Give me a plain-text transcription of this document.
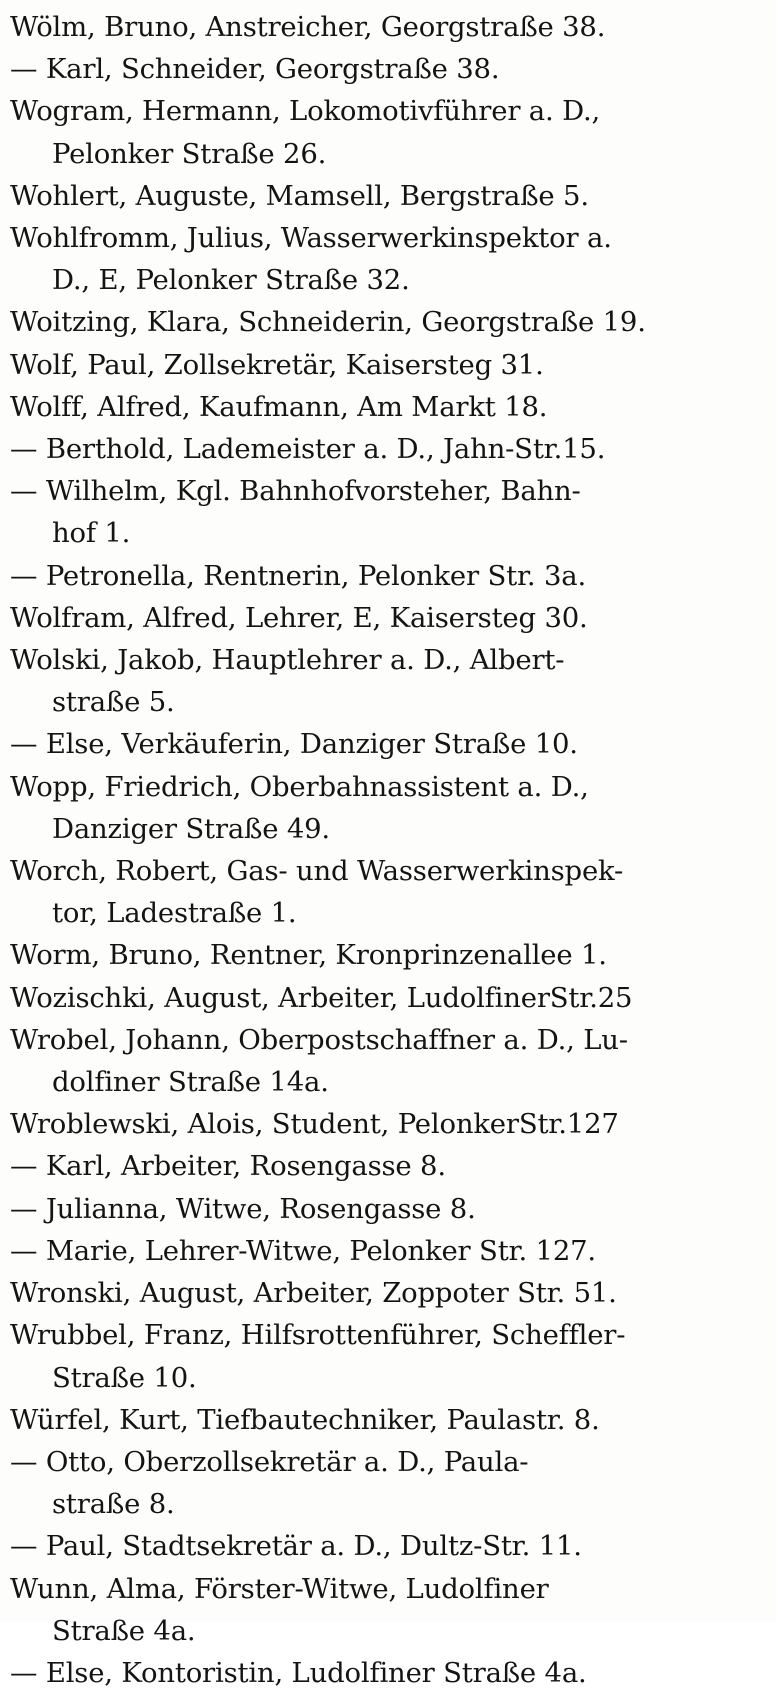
Wölm, Bruno, Anstreicher, Georgstraße 38.
— Karl, Schneider, Georgstraße 38.
Wogram, Hermann, Lokomotivführer a. D.,
Pelonker Straße 26.
Wohlert, Auguste, Mamsell, Bergstraße 5.
Wohlfromm, Julius, Wasserwerkinspektor a.
D., E, Pelonker Straße 32.
Woitzing, Klara, Schneiderin, Georgstraße 19.
Wolf, Paul, Zollsekretär, Kaisersteg 31.
Wolff, Alfred, Kaufmann, Am Markt 18.
— Berthold, Lademeister a. D., Jahn-Str.15.
— Wilhelm, Kgl. Bahnhofvorsteher, Bahn-
hof 1.
— Petronella, Rentnerin, Pelonker Str. 3a.
Wolfram, Alfred, Lehrer, E, Kaisersteg 30.
Wolski, Jakob, Hauptlehrer a. D., Albert-
straße 5.
— Else, Verkäuferin, Danziger Straße 10.
Wopp, Friedrich, Oberbahnassistent a. D.,
Danziger Straße 49.
Worch, Robert, Gas- und Wasserwerkinspek-
tor, Ladestraße 1.
Worm, Bruno, Rentner, Kronprinzenallee 1.
Wozischki, August, Arbeiter, LudolfinerStr.25
Wrobel, Johann, Oberpostschaffner a. D., Lu-
dolfiner Straße 14a.
Wroblewski, Alois, Student, PelonkerStr.127
— Karl, Arbeiter, Rosengasse 8.
— Julianna, Witwe, Rosengasse 8.
— Marie, Lehrer-Witwe, Pelonker Str. 127.
Wronski, August, Arbeiter, Zoppoter Str. 51.
Wrubbel, Franz, Hilfsrottenführer, Scheffler-
Straße 10.
Würfel, Kurt, Tiefbautechniker, Paulastr. 8.
— Otto, Oberzollsekretär a. D., Paula-
straße 8.
— Paul, Stadtsekretär a. D., Dultz-Str. 11.
Wunn, Alma, Förster-Witwe, Ludolfiner
Straße 4a.
— Else, Kontoristin, Ludolfiner Straße 4a.
